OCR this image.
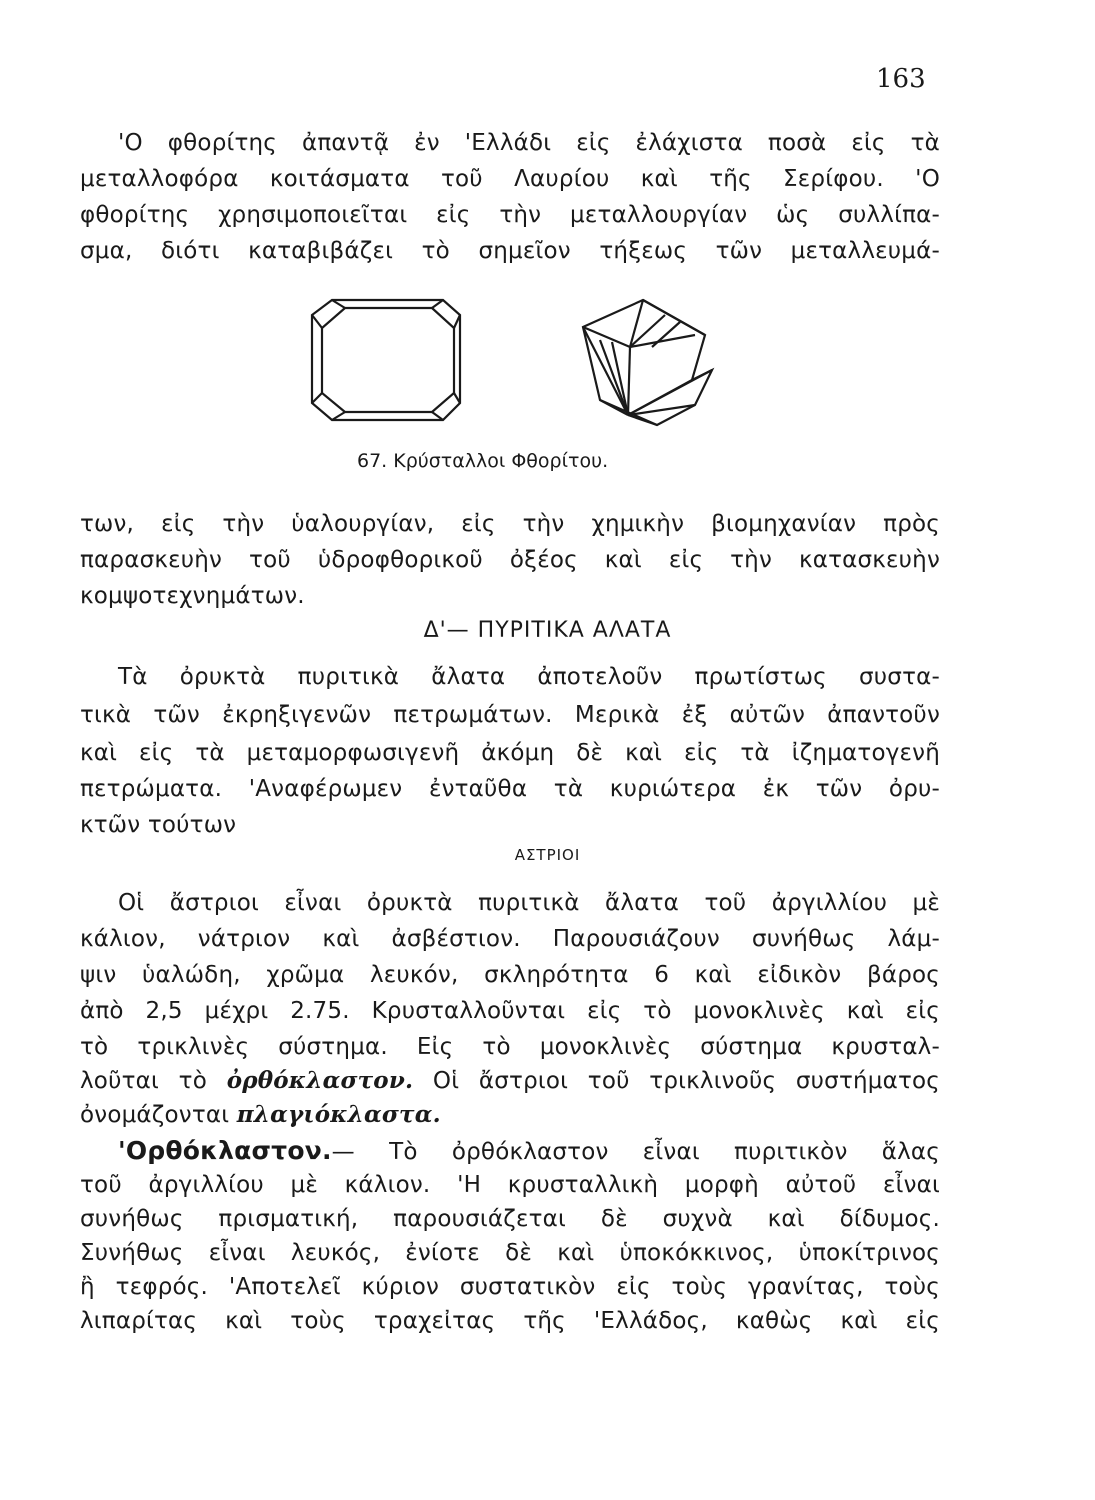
163
'Ο φθορίτης ἀπαντᾷ ἐν 'Ελλάδι εἰς ἐλάχιστα ποσὰ εἰς τὰ
μεταλλοφόρα κοιτάσματα τοῦ Λαυρίου καὶ τῆς Σερίφου. 'Ο
φθορίτης χρησιμοποιεῖται εἰς τὴν μεταλλουργίαν ὡς συλλίπα-
σμα, διότι καταβιβάζει τὸ σημεῖον τήξεως τῶν μεταλλευμά-
67. Κρύσταλλοι Φθορίτου.
των, εἰς τὴν ὑαλουργίαν, εἰς τὴν χημικὴν βιομηχανίαν πρὸς
παρασκευὴν τοῦ ὑδροφθορικοῦ ὀξέος καὶ εἰς τὴν κατασκευὴν
κομψοτεχνημάτων.
Δ'— ΠΥΡΙΤΙΚΑ ΑΛΑΤΑ
Τὰ ὀρυκτὰ πυριτικὰ ἄλατα ἀποτελοῦν πρωτίστως συστα-
τικὰ τῶν ἐκρηξιγενῶν πετρωμάτων. Μερικὰ ἐξ αὐτῶν ἀπαντοῦν
καὶ εἰς τὰ μεταμορφωσιγενῆ ἀκόμη δὲ καὶ εἰς τὰ ἰζηματογενῆ
πετρώματα. 'Αναφέρωμεν ἐνταῦθα τὰ κυριώτερα ἐκ τῶν ὀρυ-
κτῶν τούτων
ΑΣΤΡΙΟΙ
Οἱ ἄστριοι εἶναι ὀρυκτὰ πυριτικὰ ἄλατα τοῦ ἀργιλλίου μὲ
κάλιον, νάτριον καὶ ἀσβέστιον. Παρουσιάζουν συνήθως λάμ-
ψιν ὑαλώδη, χρῶμα λευκόν, σκληρότητα 6 καὶ εἰδικὸν βάρος
ἀπὸ 2,5 μέχρι 2.75. Κρυσταλλοῦνται εἰς τὸ μονοκλινὲς καὶ εἰς
τὸ τρικλινὲς σύστημα. Εἰς τὸ μονοκλινὲς σύστημα κρυσταλ-
λοῦται τὸ ὀρθόκλαστον. Οἱ ἄστριοι τοῦ τρικλινοῦς συστήματος
ὀνομάζονται πλαγιόκλαστα.
'Ορθόκλαστον.— Τὸ ὀρθόκλαστον εἶναι πυριτικὸν ἅλας
τοῦ ἀργιλλίου μὲ κάλιον. 'Η κρυσταλλικὴ μορφὴ αὐτοῦ εἶναι
συνήθως πρισματική, παρουσιάζεται δὲ συχνὰ καὶ δίδυμος.
Συνήθως εἶναι λευκός, ἐνίοτε δὲ καὶ ὑποκόκκινος, ὑποκίτρινος
ἢ τεφρός. 'Αποτελεῖ κύριον συστατικὸν εἰς τοὺς γρανίτας, τοὺς
λιπαρίτας καὶ τοὺς τραχεἰτας τῆς 'Ελλάδος, καθὼς καὶ εἰς
